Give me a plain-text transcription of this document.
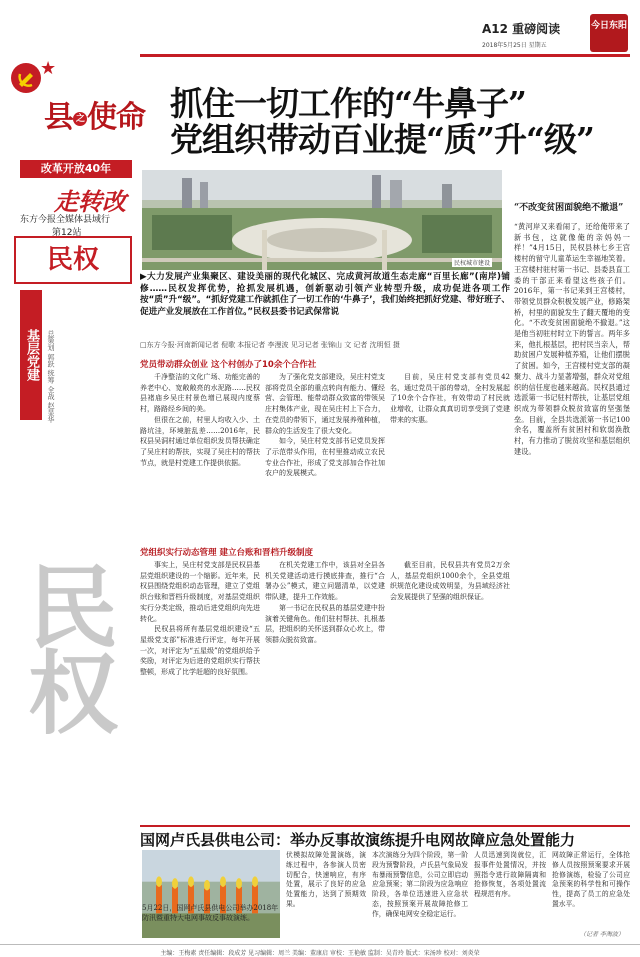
A12 重磅阅读
2018年5月25日 星期五
今日东阳
★
县 之 使命
改革开放40年
走转改
东方今报全媒体县域行
第12站
民权
基层党建	总策划 郭跃 统筹 全战 赵显华
民权
抓住一切工作的“牛鼻子”
党组织带动百业提“质”升“级”
民权城市建设
“不改变贫困面貌绝不撤退”
“黄河岸又来看闹了，还给俺带来了新书包，这就像俺的亲妈妈一样！”4月15日，民权县林七乡王宫楼村的留守儿童革运生幸福地笑着。王宫楼村驻村第一书记、县委县直工委的干部正来看望这些孩子们。2016年，第一书记来到王宫楼村，带领党员群众积极发展产业，修路架桥，村里的面貌发生了翻天覆地的变化。“不改变贫困面貌绝不撤退。”这是他当初驻村时立下的誓言。两年多来，他扎根基层，把村民当亲人，帮助贫困户发展种植养殖，让他们摆脱了贫困。如今，王宫楼村党支部的凝聚力、战斗力显著增强，群众对党组织的信任度也越来越高。民权县通过选派第一书记驻村帮扶，让基层党组织成为带领群众脱贫致富的坚强堡垒。目前，全县共选派第一书记100余名，覆盖所有贫困村和软弱涣散村，有力推动了脱贫攻坚和基层组织建设。
▶大力发展产业集聚区、建设美丽的现代化城区、完成黄河故道生态走廊“百里长廊”(南岸)铺修……民权发挥优势，抢抓发展机遇，创新驱动引领产业转型升级，成功促进各项工作按“质”升“级”。“抓好党建工作就抓住了一切工作的‘牛鼻子’，我们始终把抓好党建、带好班子、促进产业发展放在工作首位。”民权县委书记武保常说
□东方今报·河南新闻记者 倪歌 本报记者 李漫波 见习记者 张锦山 文 记者 沈明恒 摄
党员带动群众创业 这个村创办了10余个合作社

千净整洁的文化广场、功能完善的养老中心、宽敞敞亮的水泥路……民权县褚庙乡吴庄村景色增已展现内度蔡村，路路经乡间的美。

但很在之前，村里人均收入少、土路坑洼，环境脏乱差……2016年，民权县吴洞村通过单位组织发员帮扶确定了吴庄村的帮扶，实现了吴庄村的帮扶节点，就是村党建工作提供依据。

为了强化党支部建设，吴庄村党支部将党员全部的重点转向有能力、懂经营、会管理、能带动群众致富的带领吴庄村集体产业，现在吴庄村上下合力，在党员的带领下，通过发展养殖种植，群众的生活发生了很大变化。

如今，吴庄村党支部书记党员发挥了示范带头作用，在村里推动成立农民专业合作社，形成了党支部加合作社加农户的发展模式。

目前，吴庄村党支部有党员42名，通过党员干部的带动，全村发展起了10余个合作社，有效带动了村民就业增收，让群众真真切切享受到了党建带来的实惠。

党组织实行动态管理 建立台账和晋档升级制度

事实上，吴庄村党支部是民权县基层党组织建设的一个缩影。近年来，民权县围绕党组织动态管理，建立了党组织台账和晋档升级制度，对基层党组织实行分类定级，推动后进党组织向先进转化。

民权县将所有基层党组织建设“五星级党支部”标准进行评定，每年开展一次，对评定为“五星级”的党组织给予奖励，对评定为后进的党组织实行帮扶整顿，形成了比学赶超的良好氛围。

在机关党建工作中，该县对全县各机关党建活动进行摸底排查，推行“合署办公”模式，建立问题清单，以党建带队建，提升工作效能。

第一书记在民权县的基层党建中扮演着关键角色。他们驻村帮扶、扎根基层，把组织的关怀送到群众心坎上，带领群众脱贫致富。

截至目前，民权县共有党员2万余人，基层党组织1000余个，全县党组织规范化建设成效明显，为县域经济社会发展提供了坚强的组织保证。

国网卢氏县供电公司：举办反事故演练提升电网故障应急处置能力
5月22日，国网卢氏县供电公司举办2018年防汛暨重特大电网事故反事故演练。
伏模拟故障处置演练，演练过程中，各参演人员密切配合，快速响应，有序处置，展示了良好的应急处置能力，达到了预期效果。
本次演练分为四个阶段，第一阶段为预警阶段，卢氏县气象局发布暴雨预警信息，公司立即启动应急预案；第二阶段为应急响应阶段，各单位迅速进入应急状态，按照预案开展故障抢修工作，确保电网安全稳定运行。
人员迅速到岗就位，汇报事件处置情况，并按照指令进行故障隔离和抢修恢复，各项处置流程规范有序。
网故障正常运行，全体抢修人员按照预案要求开展抢修演练，检验了公司应急预案的科学性和可操作性，提高了员工的应急处置水平。
（记者 李淘波）
主编：王梅素 责任编辑：段成芳 见习编辑：周兰 美编：董康启 审校：王艳敏 监制：吴青玲 版式：宋汤珍 校对：刘炎荣
